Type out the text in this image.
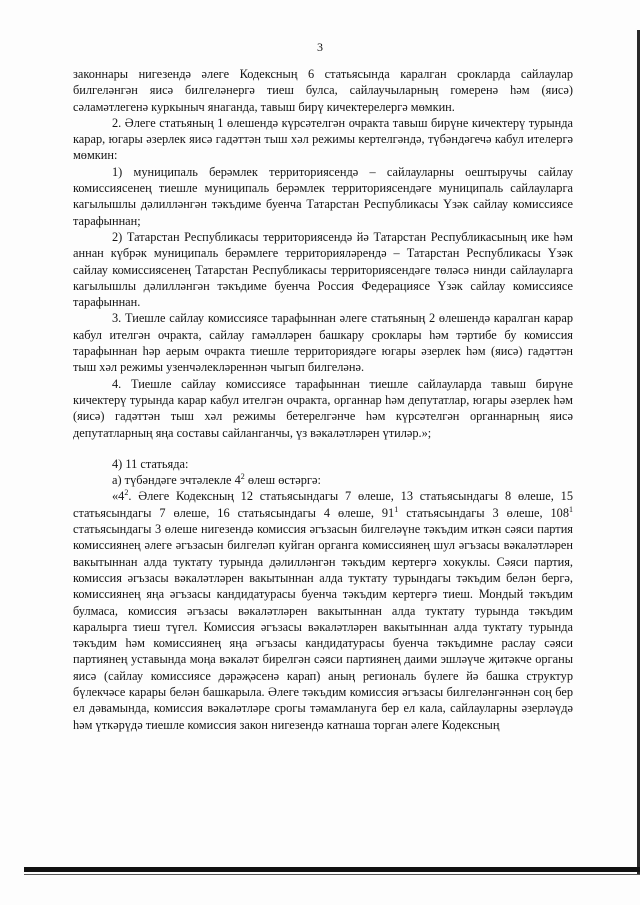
3

законнары нигезендә әлеге Кодексның 6 статьясында каралган срокларда сайлаулар билгеләнгән яисә билгеләнергә тиеш булса, сайлаучыларның гомеренә һәм (яисә) сәламәтлегенә куркыныч янаганда, тавыш бирү кичектерелергә мөмкин.

2. Әлеге статьяның 1 өлешендә күрсәтелгән очракта тавыш бирүне кичектерү турында карар, югары әзерлек яисә гадәттән тыш хәл режимы кертелгәндә, түбәндәгечә кабул ителергә мөмкин:

1) муниципаль берәмлек территориясендә – сайлауларны оештыручы сайлау комиссиясенең тиешле муниципаль берәмлек территориясендәге муниципаль сайлауларга кагылышлы дәлилләнгән тәкъдиме буенча Татарстан Республикасы Үзәк сайлау комиссиясе тарафыннан;

2) Татарстан Республикасы территориясендә йә Татарстан Республикасының ике һәм аннан күбрәк муниципаль берәмлеге территорияләрендә – Татарстан Республикасы Үзәк сайлау комиссиясенең Татарстан Республикасы территориясендәге төләсә нинди сайлауларга кагылышлы дәлилләнгән тәкъдиме буенча Россия Федерациясе Үзәк сайлау комиссиясе тарафыннан.

3. Тиешле сайлау комиссиясе тарафыннан әлеге статьяның 2 өлешендә каралган карар кабул ителгән очракта, сайлау гамәлләрен башкару сроклары һәм тәртибе бу комиссия тарафыннан һәр аерым очракта тиешле территориядәге югары әзерлек һәм (яисә) гадәттән тыш хәл режимы узенчәлекләреннән чыгып билгеләнә.

4. Тиешле сайлау комиссиясе тарафыннан тиешле сайлауларда тавыш бирүне кичектерү турында карар кабул ителгән очракта, органнар һәм депутатлар, югары әзерлек һәм (яисә) гадәттән тыш хәл режимы бетерелгәнче һәм күрсәтелгән органнарның яисә депутатларның яңа составы сайланганчы, үз вәкаләтләрен үтиләр.»;

4) 11 статьяда:

а) түбәндәге эчтәлекле $4^2$ өлеш өстәргә:

«$4^2$. Әлеге Кодексның 12 статьясындагы 7 өлеше, 13 статьясындагы 8 өлеше, 15 статьясындагы 7 өлеше, 16 статьясындагы 4 өлеше, $91^1$ статьясындагы 3 өлеше, $108^1$ статьясындагы 3 өлеше нигезендә комиссия әгъзасын билгеләүне тәкъдим иткән сәяси партия комиссиянең әлеге әгъзасын билгеләп куйган органга комиссиянең шул әгъзасы вәкаләтләрен вакытыннан алда туктату турында дәлилләнгән тәкъдим кертергә хокуклы. Сәяси партия, комиссия әгъзасы вәкаләтләрен вакытыннан алда туктату турындагы тәкъдим белән бергә, комиссиянең яңа әгъзасы кандидатурасы буенча тәкъдим кертергә тиеш. Мондый тәкъдим булмаса, комиссия әгъзасы вәкаләтләрен вакытыннан алда туктату турында тәкъдим каралырга тиеш түгел. Комиссия әгъзасы вәкаләтләрен вакытыннан алда туктату турында тәкъдим һәм комиссиянең яңа әгъзасы кандидатурасы буенча тәкъдимне раслау сәяси партиянең уставында моңа вәкаләт бирелгән сәяси партиянең даими эшләүче җитәкче органы яисә (сайлау комиссиясе дәрәҗәсенә карап) аның региональ бүлеге йә башка структур бүлекчәсе карары белән башкарыла. Әлеге тәкъдим комиссия әгъзасы билгеләнгәннән соң бер ел дәвамында, комиссия вәкаләтләре срогы тәмамлануга бер ел кала, сайлауларны әзерләүдә һәм үткәрүдә тиешле комиссия закон нигезендә катнаша торган әлеге Кодексның
